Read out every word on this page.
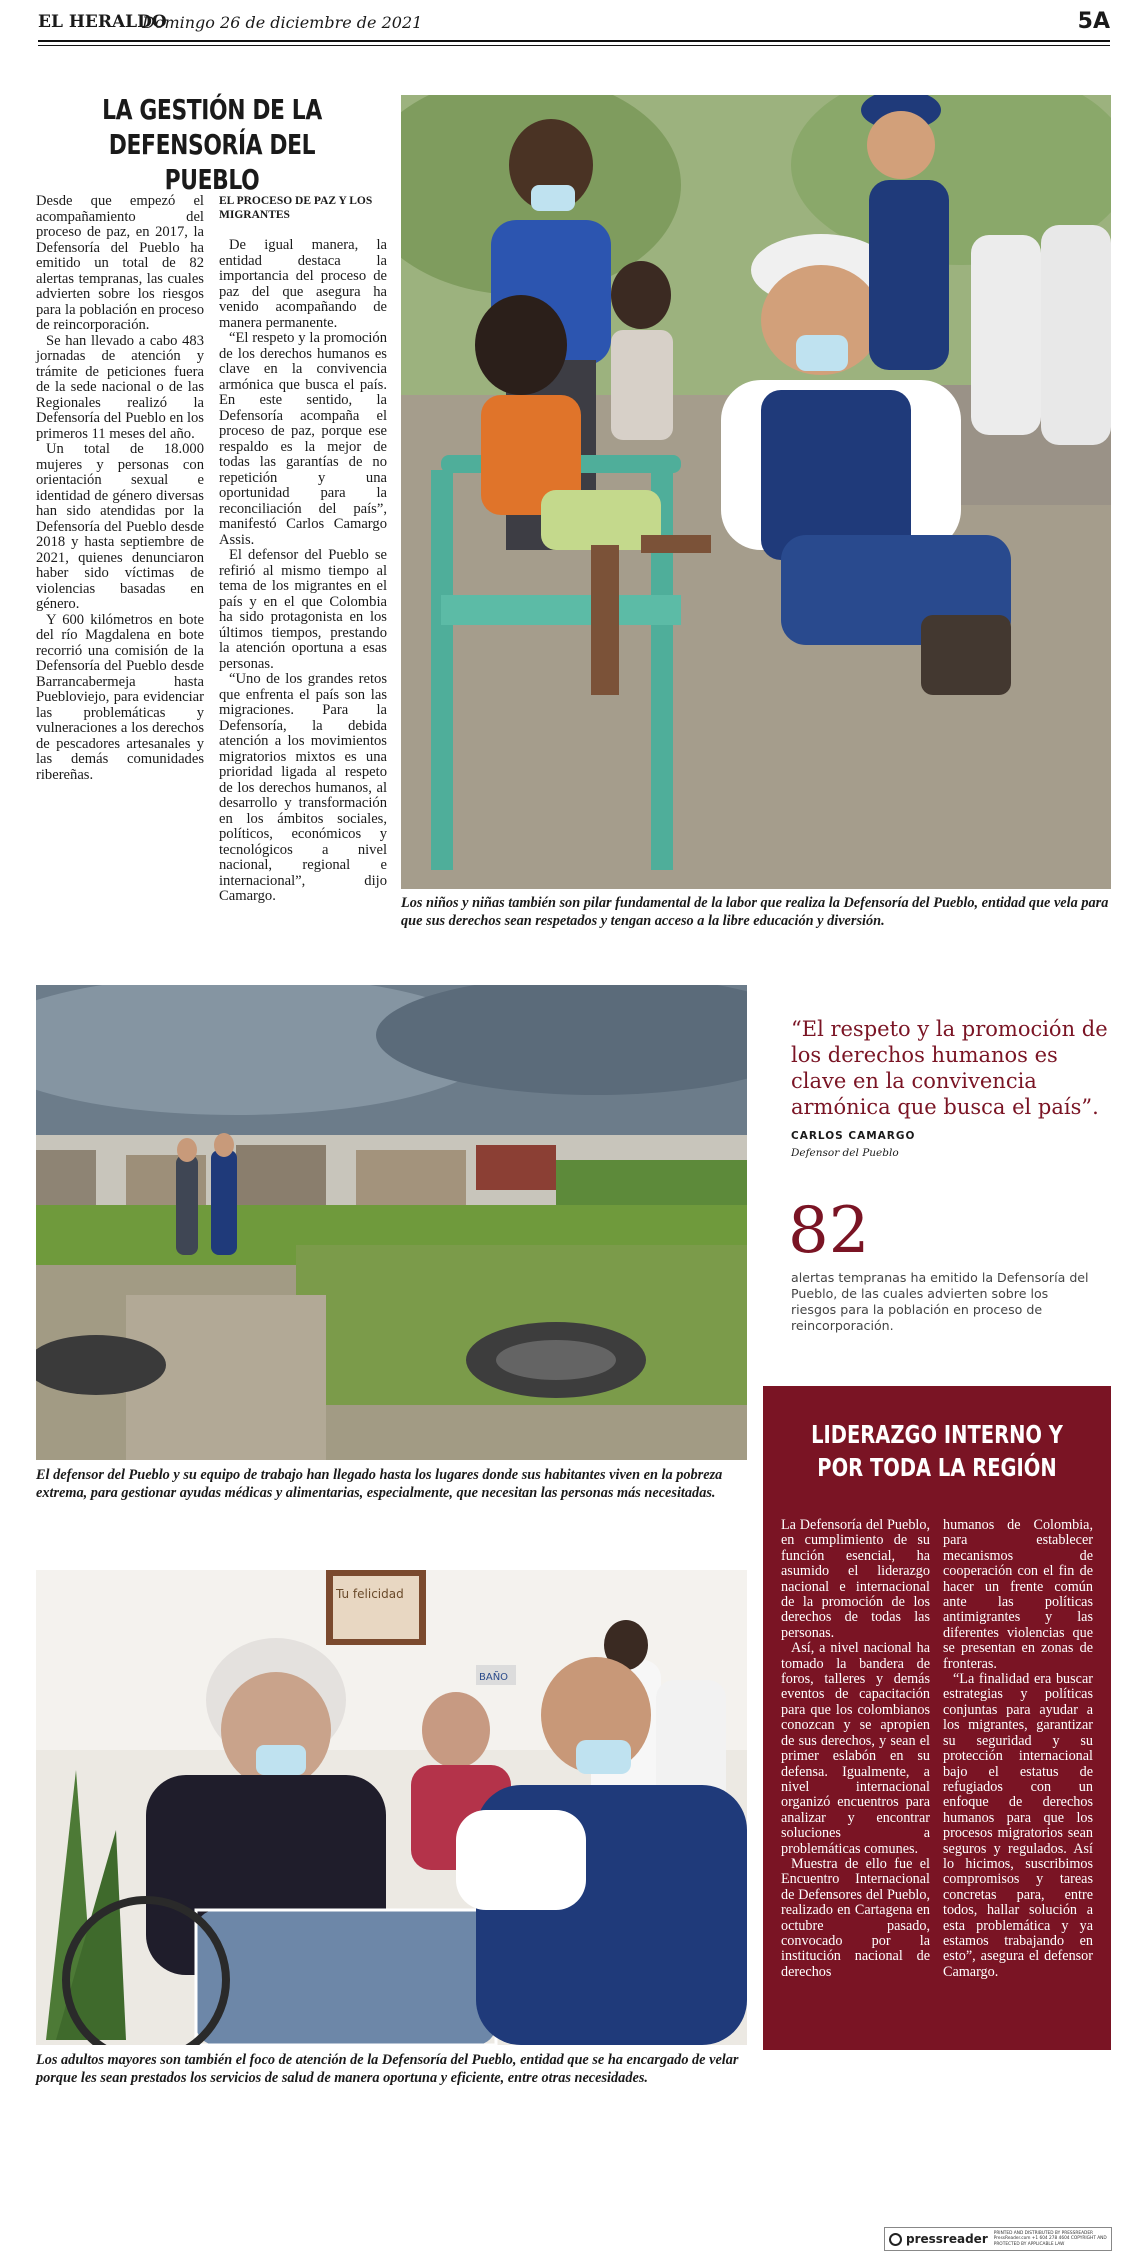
EL HERALDO
Domingo 26 de diciembre de 2021	5A
LA GESTIÓN DE LA DEFENSORÍA DEL PUEBLO

Desde que empezó el acompañamiento del proceso de paz, en 2017, la Defensoría del Pueblo ha emitido un total de 82 alertas tempranas, las cuales advierten sobre los riesgos para la población en proceso de reincorporación.

Se han llevado a cabo 483 jornadas de atención y trámite de peticiones fuera de la sede nacional o de las Regionales realizó la Defensoría del Pueblo en los primeros 11 meses del año.

Un total de 18.000 mujeres y personas con orientación sexual e identidad de género diversas han sido atendidas por la Defensoría del Pueblo desde 2018 y hasta septiembre de 2021, quienes denunciaron haber sido víctimas de violencias basadas en género.

Y 600 kilómetros en bote del río Magdalena en bote recorrió una comisión de la Defensoría del Pueblo desde Barrancabermeja hasta Puebloviejo, para evidenciar las problemáticas y vulneraciones a los derechos de pescadores artesanales y las demás comunidades ribereñas.

EL PROCESO DE PAZ Y LOS MIGRANTES

De igual manera, la entidad destaca la importancia del proceso de paz del que asegura ha venido acompañando de manera permanente.

“El respeto y la promoción de los derechos humanos es clave en la convivencia armónica que busca el país. En este sentido, la Defensoría acompaña el proceso de paz, porque ese respaldo es la mejor de todas las garantías de no repetición y una oportunidad para la reconciliación del país”, manifestó Carlos Camargo Assis.

El defensor del Pueblo se refirió al mismo tiempo al tema de los migrantes en el país y en el que Colombia ha sido protagonista en los últimos tiempos, prestando la atención oportuna a esas personas.

“Uno de los grandes retos que enfrenta el país son las migraciones. Para la Defensoría, la debida atención a los movimientos migratorios mixtos es una prioridad ligada al respeto de los derechos humanos, al desarrollo y transformación en los ámbitos sociales, políticos, económicos y tecnológicos a nivel nacional, regional e internacional”, dijo Camargo.	Los niños y niñas también son pilar fundamental de la labor que realiza la Defensoría del Pueblo, entidad que vela para que sus derechos sean respetados y tengan acceso a la libre educación y diversión.
El defensor del Pueblo y su equipo de trabajo han llegado hasta los lugares donde sus habitantes viven en la pobreza extrema, para gestionar ayudas médicas y alimentarias, especialmente, que necesitan las personas más necesitadas.
Tu felicidad
BAÑO
Los adultos mayores son también el foco de atención de la Defensoría del Pueblo, entidad que se ha encargado de velar porque les sean prestados los servicios de salud de manera oportuna y eficiente, entre otras necesidades.
“El respeto y la promoción de los derechos humanos es clave en la convivencia armónica que busca el país”.
CARLOS CAMARGO
Defensor del Pueblo
82
alertas tempranas ha emitido la Defensoría del Pueblo, de las cuales advierten sobre los riesgos para la población en proceso de reincorporación.
LIDERAZGO INTERNO Y POR TODA LA REGIÓN

La Defensoría del Pueblo, en cumplimiento de su función esencial, ha asumido el liderazgo nacional e internacional de la promoción de los derechos de todas las personas.

Así, a nivel nacional ha tomado la bandera de foros, talleres y demás eventos de capacitación para que los colombianos conozcan y se apropien de sus derechos, y sean el primer eslabón en su defensa. Igualmente, a nivel internacional organizó encuentros para analizar y encontrar soluciones a problemáticas comunes.

Muestra de ello fue el Encuentro Internacional de Defensores del Pueblo, realizado en Cartagena en octubre pasado, convocado por la institución nacional de derechos

humanos de Colombia, para establecer mecanismos de cooperación con el fin de hacer un frente común ante las políticas antimigrantes y las diferentes violencias que se presentan en zonas de fronteras.

“La finalidad era buscar estrategias y políticas conjuntas para ayudar a los migrantes, garantizar su seguridad y su protección internacional bajo el estatus de refugiados con un enfoque de derechos humanos para que los procesos migratorios sean seguros y regulados. Así lo hicimos, suscribimos compromisos y tareas concretas para, entre todos, hallar solución a esta problemática y ya estamos trabajando en esto”, asegura el defensor Camargo.

pressreader PRINTED AND DISTRIBUTED BY PRESSREADER PressReader.com +1 604 278 4604 COPYRIGHT AND PROTECTED BY APPLICABLE LAW
